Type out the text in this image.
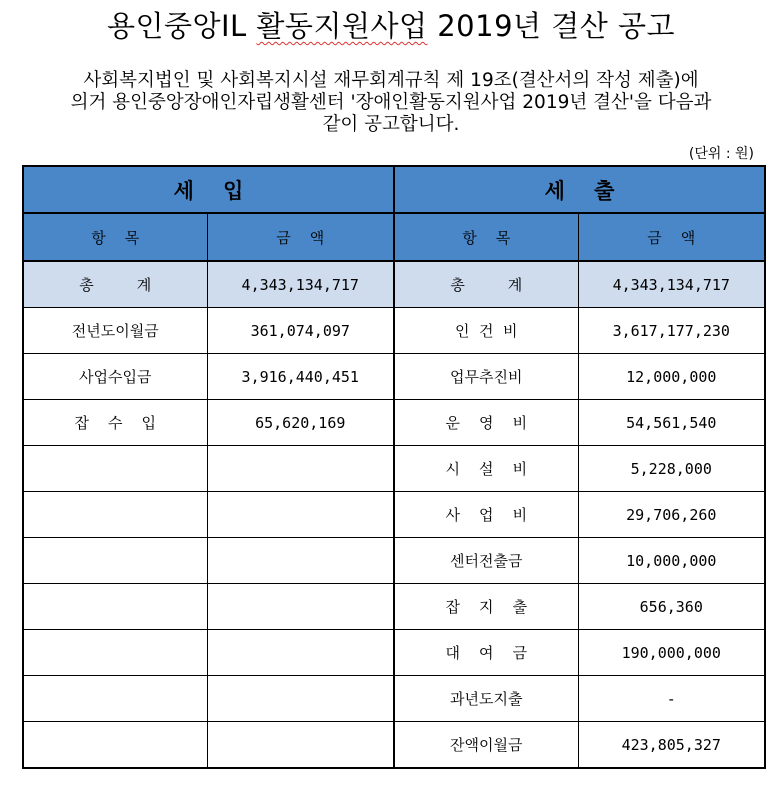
용인중앙IL 활동지원사업 2019년 결산 공고
사회복지법인 및 사회복지시설 재무회계규칙 제 19조(결산서의 작성 제출)에
의거 용인중앙장애인자립생활센터 '장애인활동지원사업 2019년 결산'을 다음과
같이 공고합니다.
(단위 : 원)
세    입		세    출	
항    목	금    액	항    목	금    액
총         계	4,343,134,717	총         계	4,343,134,717
전년도이월금	361,074,097	인  건  비	3,617,177,230
사업수입금	3,916,440,451	업무추진비	12,000,000
잡    수    입	65,620,169	운    영    비	54,561,540
		시    설    비	5,228,000
		사    업    비	29,706,260
		센터전출금	10,000,000
		잡    지    출	656,360
		대    여    금	190,000,000
		과년도지출	-
		잔액이월금	423,805,327
